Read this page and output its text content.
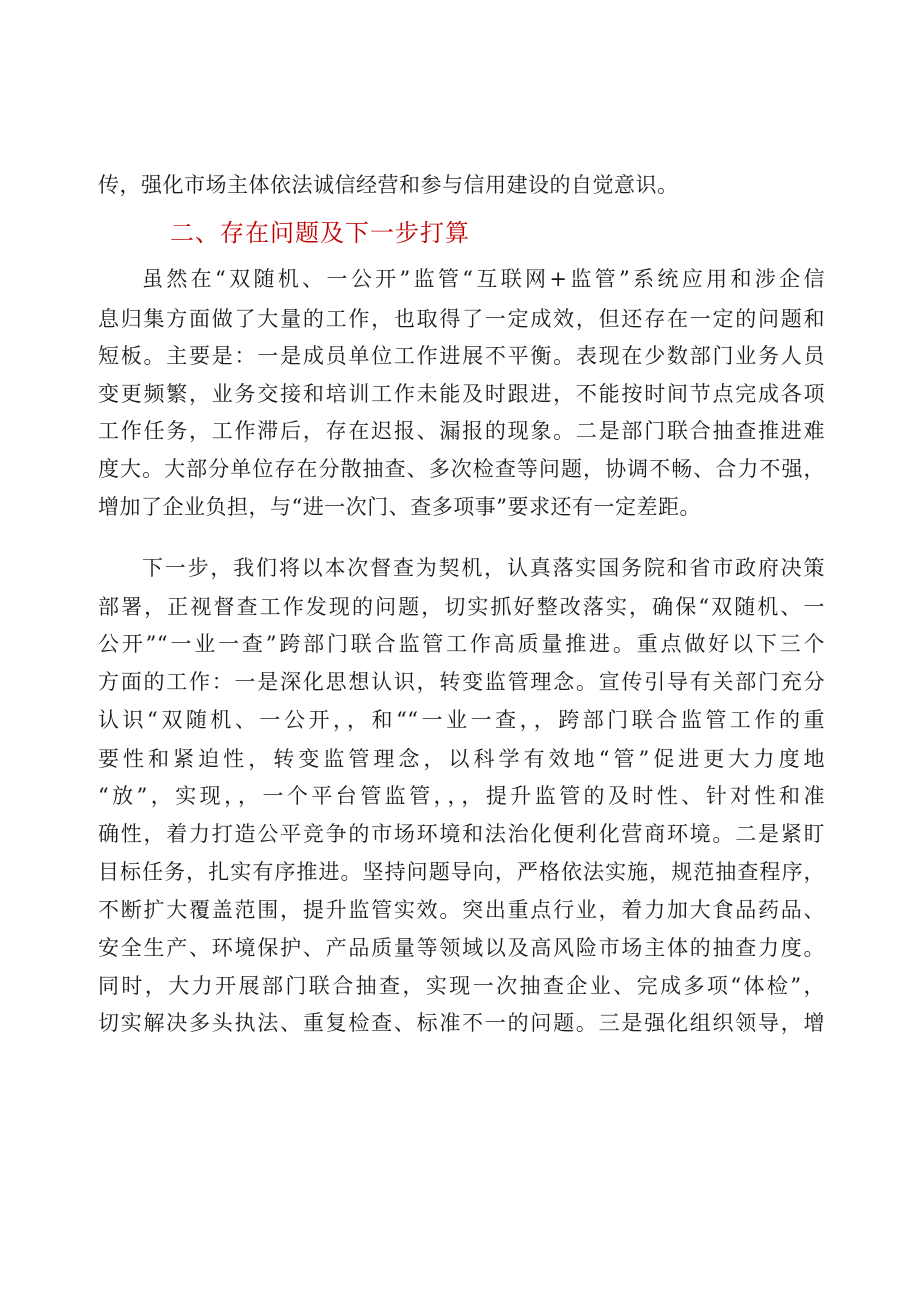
传，强化市场主体依法诚信经营和参与信用建设的自觉意识。
二、存在问题及下一步打算
虽然在“双随机、一公开”监管“互联网+监管”系统应用和涉企信
息归集方面做了大量的工作，也取得了一定成效，但还存在一定的问题和
短板。主要是：一是成员单位工作进展不平衡。表现在少数部门业务人员
变更频繁，业务交接和培训工作未能及时跟进，不能按时间节点完成各项
工作任务，工作滞后，存在迟报、漏报的现象。二是部门联合抽查推进难
度大。大部分单位存在分散抽查、多次检查等问题，协调不畅、合力不强，
增加了企业负担，与“进一次门、查多项事”要求还有一定差距。
下一步，我们将以本次督查为契机，认真落实国务院和省市政府决策
部署，正视督查工作发现的问题，切实抓好整改落实，确保“双随机、一
公开”“一业一查”跨部门联合监管工作高质量推进。重点做好以下三个
方面的工作：一是深化思想认识，转变监管理念。宣传引导有关部门充分
认识“双随机、一公开，，和““一业一查，，跨部门联合监管工作的重
要性和紧迫性，转变监管理念，以科学有效地“管”促进更大力度地
“放”，实现，，一个平台管监管，，，提升监管的及时性、针对性和准
确性，着力打造公平竞争的市场环境和法治化便利化营商环境。二是紧盯
目标任务，扎实有序推进。坚持问题导向，严格依法实施，规范抽查程序，
不断扩大覆盖范围，提升监管实效。突出重点行业，着力加大食品药品、
安全生产、环境保护、产品质量等领域以及高风险市场主体的抽查力度。
同时，大力开展部门联合抽查，实现一次抽查企业、完成多项“体检”，
切实解决多头执法、重复检查、标准不一的问题。三是强化组织领导，增
